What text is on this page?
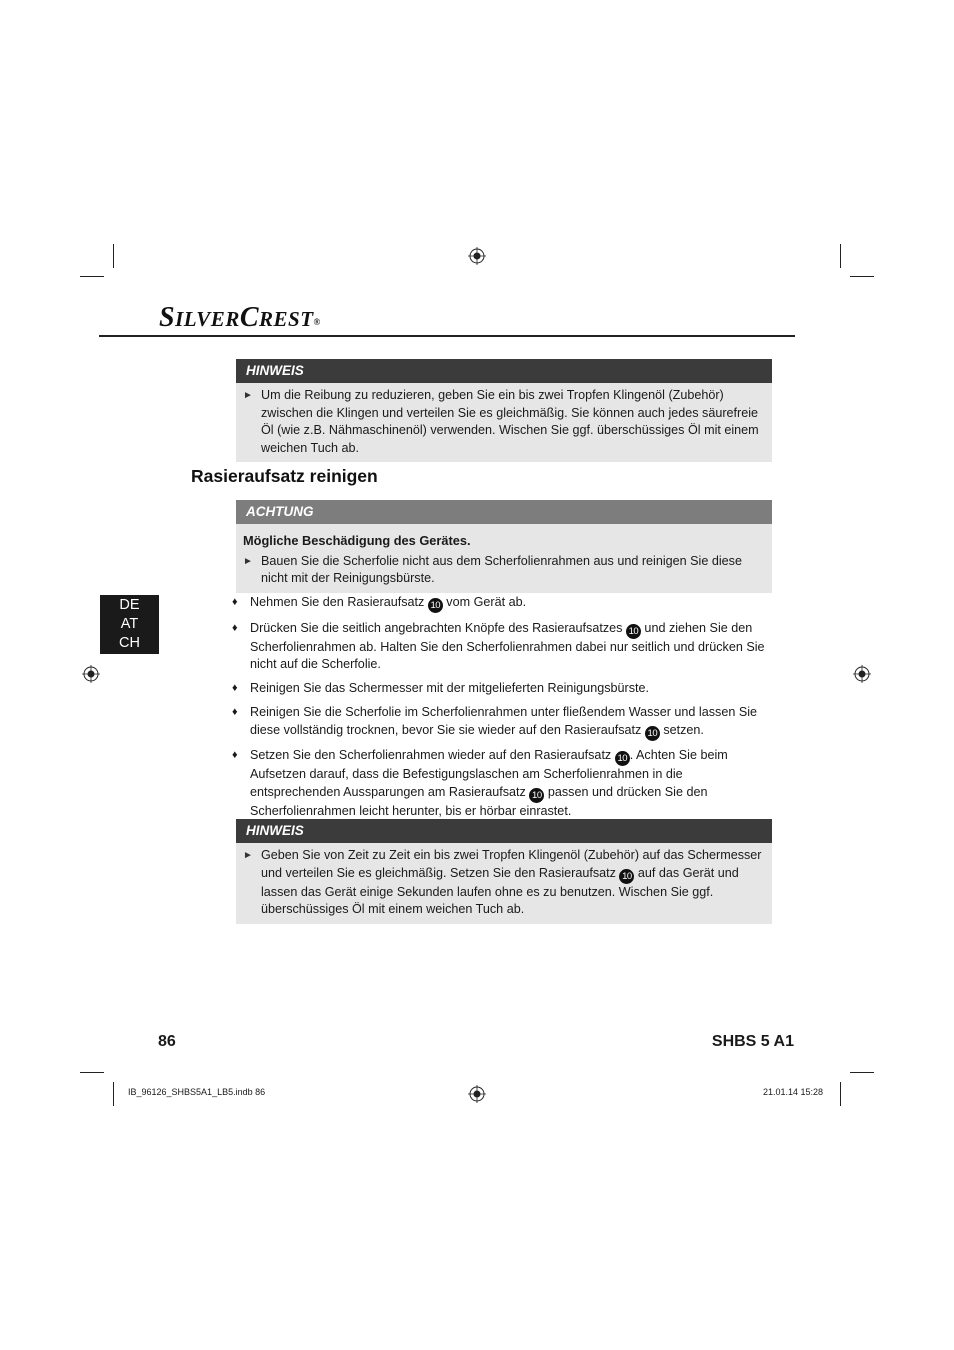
SILVERCREST®
HINWEIS
► Um die Reibung zu reduzieren, geben Sie ein bis zwei Tropfen Klingenöl (Zubehör) zwischen die Klingen und verteilen Sie es gleichmäßig. Sie können auch jedes säurefreie Öl (wie z.B. Nähmaschinenöl) verwenden. Wischen Sie ggf. überschüssiges Öl mit einem weichen Tuch ab.
Rasieraufsatz reinigen
ACHTUNG
Mögliche Beschädigung des Gerätes.
► Bauen Sie die Scherfolie nicht aus dem Scherfolienrahmen aus und reinigen Sie diese nicht mit der Reinigungsbürste.
♦ Nehmen Sie den Rasieraufsatz 10 vom Gerät ab.
♦ Drücken Sie die seitlich angebrachten Knöpfe des Rasieraufsatzes 10 und ziehen Sie den Scherfolienrahmen ab. Halten Sie den Scherfolienrahmen dabei nur seitlich und drücken Sie nicht auf die Scherfolie.
♦ Reinigen Sie das Schermesser mit der mitgelieferten Reinigungsbürste.
♦ Reinigen Sie die Scherfolie im Scherfolienrahmen unter fließendem Wasser und lassen Sie diese vollständig trocknen, bevor Sie sie wieder auf den Rasieraufsatz 10 setzen.
♦ Setzen Sie den Scherfolienrahmen wieder auf den Rasieraufsatz 10 . Achten Sie beim Aufsetzen darauf, dass die Befestigungslaschen am Scherfolienrahmen in die entsprechenden Aussparungen am Rasieraufsatz 10 passen und drücken Sie den Scherfolienrahmen leicht herunter, bis er hörbar einrastet.
HINWEIS
► Geben Sie von Zeit zu Zeit ein bis zwei Tropfen Klingenöl (Zubehör) auf das Schermesser und verteilen Sie es gleichmäßig. Setzen Sie den Rasieraufsatz 10 auf das Gerät und lassen das Gerät einige Sekunden laufen ohne es zu benutzen. Wischen Sie ggf. überschüssiges Öl mit einem weichen Tuch ab.
DE
AT
CH
86	SHBS 5 A1
IB_96126_SHBS5A1_LB5.indb 86	21.01.14 15:28
